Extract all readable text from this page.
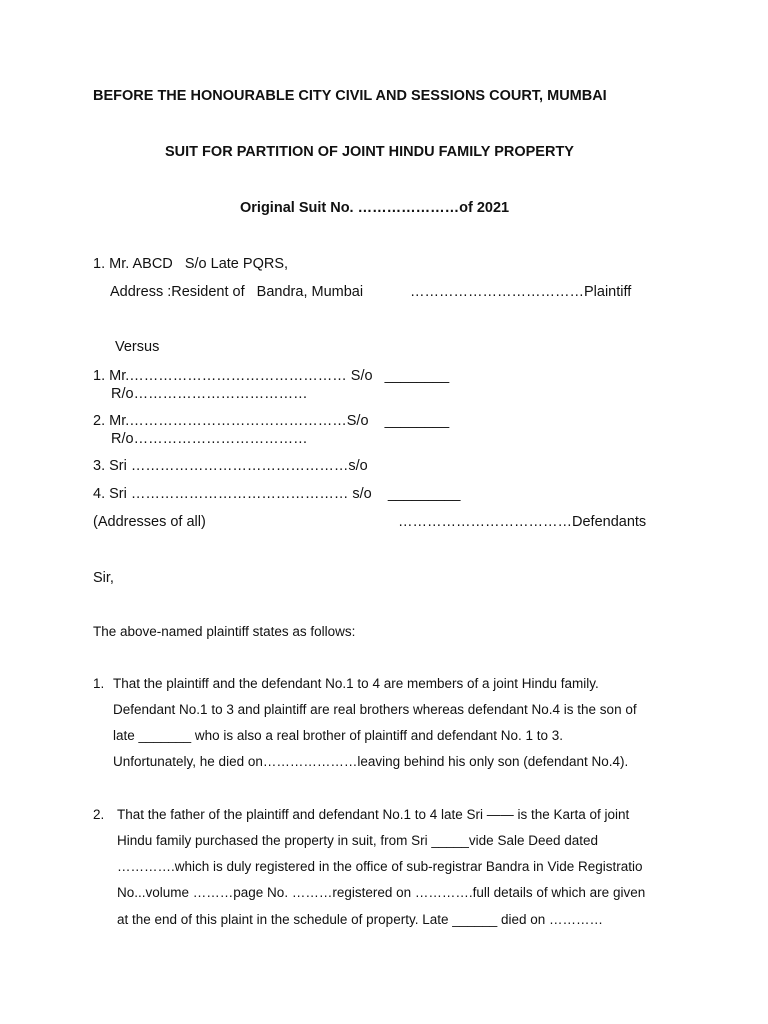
BEFORE THE HONOURABLE CITY CIVIL AND SESSIONS COURT, MUMBAI
SUIT FOR PARTITION OF JOINT HINDU FAMILY PROPERTY
Original Suit No. …………………of 2021
1. Mr. ABCD   S/o Late PQRS,
Address :Resident of   Bandra, Mumbai	………………………………Plaintiff
Versus
1. Mr.……………………………………… S/o   ________
R/o………………………………
2. Mr.………………………………………S/o    ________
R/o………………………………
3. Sri ………………………………………s/o
4. Sri ……………………………………… s/o    _________
(Addresses of all)	………………………………Defendants
Sir,
The above-named plaintiff states as follows:
1. That the plaintiff and the defendant No.1 to 4 are members of a joint Hindu family.
Defendant No.1 to 3 and plaintiff are real brothers whereas defendant No.4 is the son of
late _______ who is also a real brother of plaintiff and defendant No. 1 to 3.
Unfortunately, he died on…………………leaving behind his only son (defendant No.4).
2. That the father of the plaintiff and defendant No.1 to 4 late Sri —— is the Karta of joint
Hindu family purchased the property in suit, from Sri _____vide Sale Deed dated
………….which is duly registered in the office of sub-registrar Bandra in Vide Registratio
No...volume ………page No. ………registered on ………….full details of which are given
at the end of this plaint in the schedule of property. Late ______ died on …………
